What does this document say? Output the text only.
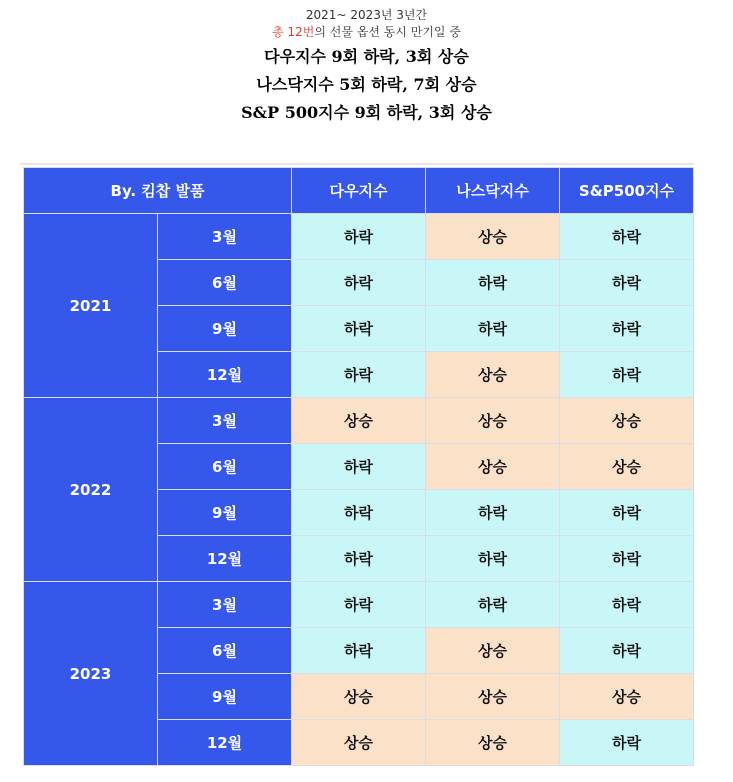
2021~ 2023년 3년간
총 12번의 선물 옵션 동시 만기일 중
다우지수 9회 하락, 3회 상승
나스닥지수 5회 하락, 7회 상승
S&P 500지수 9회 하락, 3회 상승
By. 킴찹 발품		다우지수	나스닥지수	S&P500지수
2021	3월	하락	상승	하락
	6월	하락	하락	하락
	9월	하락	하락	하락
	12월	하락	상승	하락
2022	3월	상승	상승	상승
	6월	하락	상승	상승
	9월	하락	하락	하락
	12월	하락	하락	하락
2023	3월	하락	하락	하락
	6월	하락	상승	하락
	9월	상승	상승	상승
	12월	상승	상승	하락
